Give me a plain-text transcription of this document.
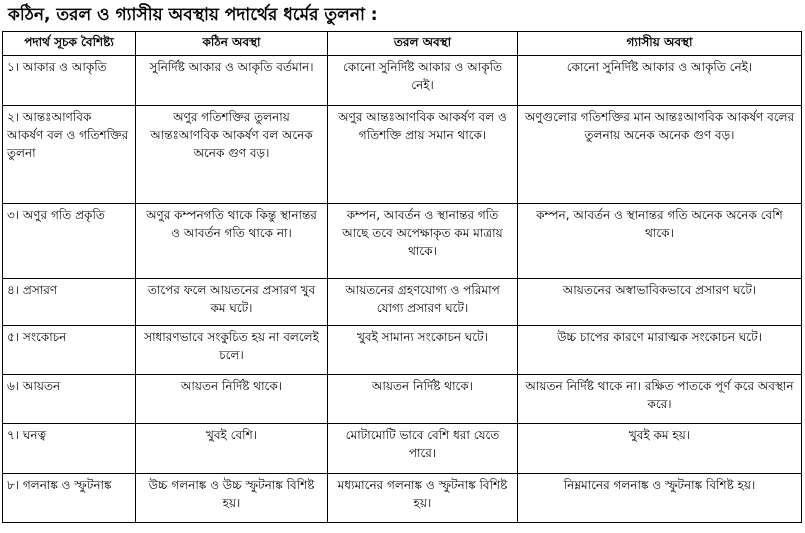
কঠিন, তরল ও গ্যাসীয় অবস্থায় পদার্থের ধর্মের তুলনা :
পদার্থ সূচক বৈশিষ্ট্য	কঠিন অবস্থা	তরল অবস্থা	গ্যাসীয় অবস্থা
১। আকার ও আকৃতি	সুনির্দিষ্ট আকার ও আকৃতি বর্তমান।	কোনো সুনির্দিষ্ট আকার ও আকৃতি নেই।	কোনো সুনির্দিষ্ট আকার ও আকৃতি নেই।
২। আন্তঃআণবিক আকর্ষণ বল ও গতিশক্তির তুলনা	অণুর গতিশক্তির তুলনায় আন্তঃআণবিক আকর্ষণ বল অনেক অনেক গুণ বড়।	অণুর আন্তঃআণবিক আকর্ষণ বল ও গতিশক্তি প্রায় সমান থাকে।	অণুগুলোর গতিশক্তির মান আন্তঃআণবিক আকর্ষণ বলের তুলনায় অনেক অনেক গুণ বড়।
৩। অণুর গতি প্রকৃতি	অণুর কম্পনগতি থাকে কিন্তু স্থানান্তর ও আবর্তন গতি থাকে না।	কম্পন, আবর্তন ও স্থানান্তর গতি আছে তবে অপেক্ষাকৃত কম মাত্রায় থাকে।	কম্পন, আবর্তন ও স্থানান্তর গতি অনেক অনেক বেশি থাকে।
৪। প্রসারণ	তাপের ফলে আয়তনের প্রসারণ খুব কম ঘটে।	আয়তনের গ্রহণযোগ্য ও পরিমাপ যোগ্য প্রসারণ ঘটে।	আয়তনের অস্বাভাবিকভাবে প্রসারণ ঘটে।
৫। সংকোচন	সাধারণভাবে সংকুচিত হয় না বললেই চলে।	খুবই সামান্য সংকোচন ঘটে।	উচ্চ চাপের কারণে মারাত্মক সংকোচন ঘটে।
৬। আয়তন	আয়তন নির্দিষ্ট থাকে।	আয়তন নির্দিষ্ট থাকে।	আয়তন নির্দিষ্ট থাকে না। রক্ষিত পাতকে পূর্ণ করে অবস্থান করে।
৭। ঘনত্ব	খুবই বেশি।	মোটামোটি ভাবে বেশি ধরা যেতে পারে।	খুবই কম হয়।
৮। গলনাঙ্ক ও স্ফুটনাঙ্ক	উচ্চ গলনাঙ্ক ও উচ্চ স্ফুটনাঙ্ক বিশিষ্ট হয়।	মধ্যমানের গলনাঙ্ক ও স্ফুটনাঙ্ক বিশিষ্ট হয়।	নিম্নমানের গলনাঙ্ক ও স্ফুটনাঙ্ক বিশিষ্ট হয়।
